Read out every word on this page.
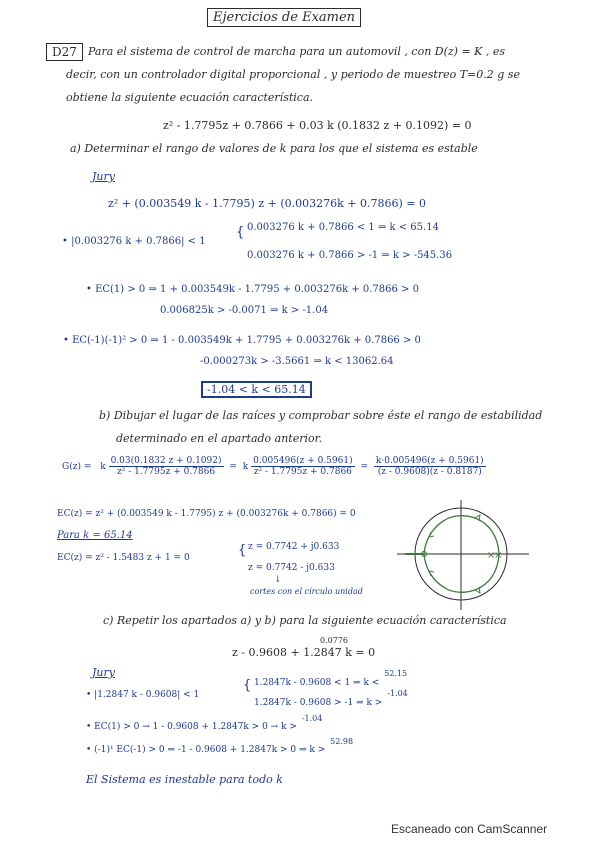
Ejercicios de Examen
D27	Para el sistema de control de marcha para un automovil , con D(z) = K , es
decir, con un controlador digital proporcional , y periodo de muestreo T=0.2 g se
obtiene la siguiente ecuación característica.
z² - 1.7795z + 0.7866 + 0.03 k (0.1832 z + 0.1092) = 0
a) Determinar el rango de valores de k para los que el sistema es estable
Jury
z² + (0.003549 k - 1.7795) z + (0.003276k + 0.7866) = 0
• |0.003276 k + 0.7866| < 1
{ 0.003276 k + 0.7866 < 1 ⇒ k < 65.14
0.003276 k + 0.7866 > -1 ⇒ k > -545.36
• EC(1) > 0 ⇒ 1 + 0.003549k - 1.7795 + 0.003276k + 0.7866 > 0
0.006825k > -0.0071 ⇒ k > -1.04
• EC(-1)(-1)² > 0 ⇒ 1 - 0.003549k + 1.7795 + 0.003276k + 0.7866 > 0
-0.000273k > -3.5661 ⇒ k < 13062.64
-1.04 < k < 65.14
b) Dibujar el lugar de las raíces y comprobar sobre éste el rango de estabilidad
determinado en el apartado anterior.
G(z) = k $\frac{0.03(0.1832 z + 0.1092)}{\text{z² - 1.7795z + 0.7866}} = k \frac{0.005496(z + 0.5961)}{\text{z² - 1.7795z + 0.7866}} = \frac{k\cdot 0.005496(z + 0.5961)}{(z - 0.9608)(z - 0.8187)}$
EC(z) = z² + (0.003549 k - 1.7795) z + (0.003276k + 0.7866) = 0
Para k = 65.14
EC(z) = z² - 1.5483 z + 1 = 0	{ z = 0.7742 + j0.633
z = 0.7742 - j0.633
↓
cortes con el círculo unidad
×
×
c) Repetir los apartados a) y b) para la siguiente ecuación característica
0.0776
z - 0.9608 + 1.2847 k = 0
Jury
• |1.2847 k - 0.9608| < 1
{ 1.2847k - 0.9608 < 1 ⇒ k < 52.15
1.2847k - 0.9608 > -1 ⇒ k > -1.04
• EC(1) > 0 → 1 - 0.9608 + 1.2847k > 0 → k > -1.04
• (-1)¹ EC(-1) > 0 ⇒ -1 - 0.9608 + 1.2847k > 0 ⇒ k > 52.98
El Sistema es inestable para todo k
Escaneado con CamScanner
